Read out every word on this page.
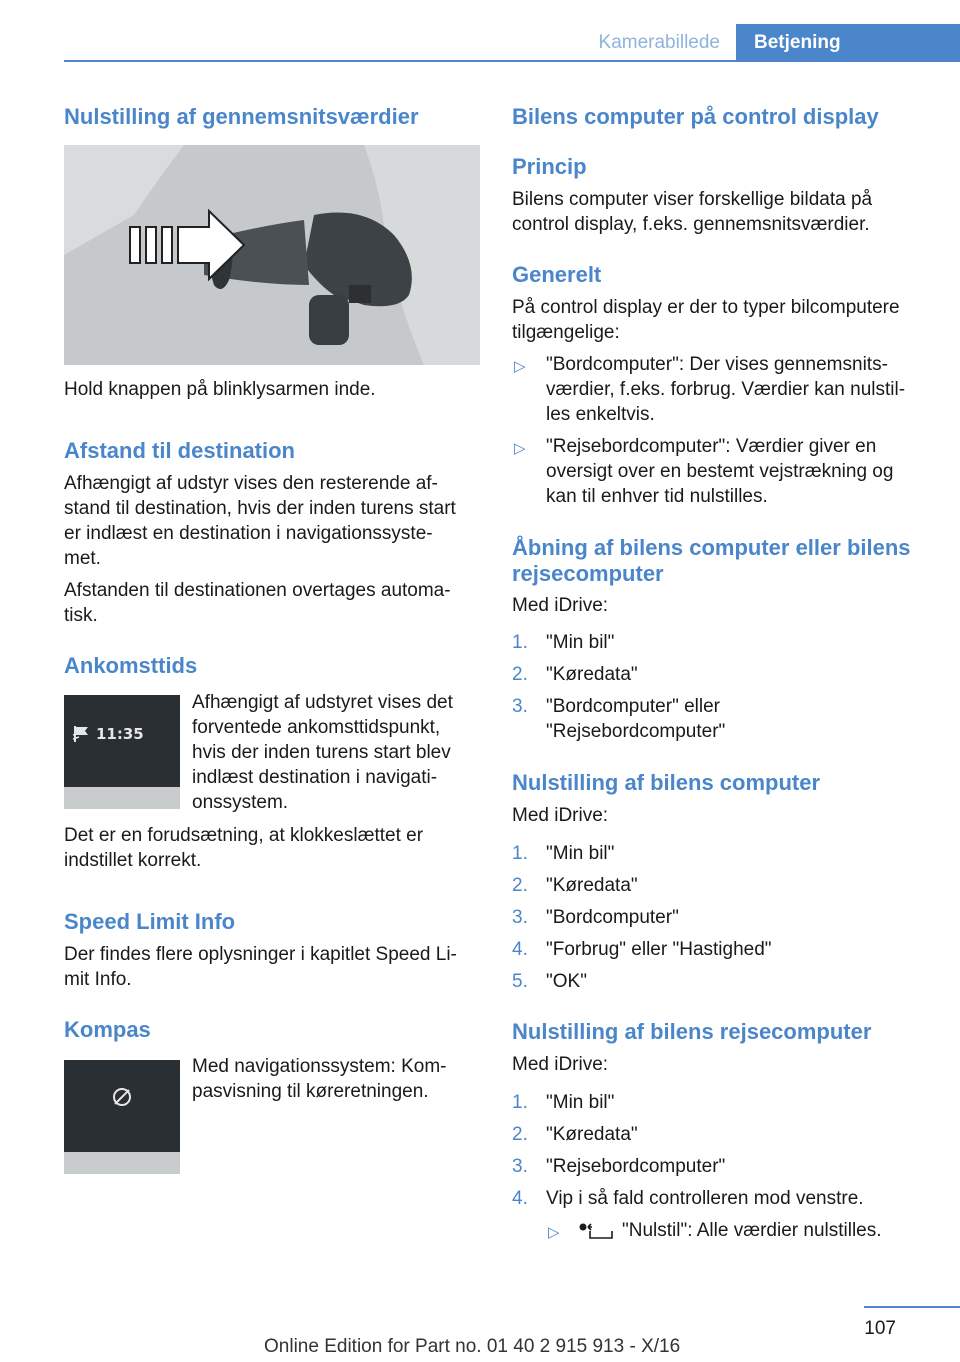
Kamerabillede	Betjening
Nulstilling af gennemsnitsværdier

Hold knappen på blinklysarmen inde.

Afstand til destination
Afhængigt af udstyr vises den resterende af-
stand til destination, hvis der inden turens start
er indlæst en destination i navigationssyste-
met.
Afstanden til destinationen overtages automa-
tisk.
Ankomsttids
11:35
Afhængigt af udstyret vises det
forventede ankomsttidspunkt,
hvis der inden turens start blev
indlæst destination i navigati-
onssystem.
Det er en forudsætning, at klokkeslættet er
indstillet korrekt.
Speed Limit Info
Der findes flere oplysninger i kapitlet Speed Li-
mit Info.
Kompas
Med navigationssystem: Kom-
pasvisning til køreretningen.
Bilens computer på control display
Princip
Bilens computer viser forskellige bildata på
control display, f.eks. gennemsnitsværdier.
Generelt
På control display er der to typer bilcomputere
tilgængelige:
▷ "Bordcomputer": Der vises gennemsnits-
værdier, f.eks. forbrug. Værdier kan nulstil-
les enkeltvis.
▷ "Rejsebordcomputer": Værdier giver en
oversigt over en bestemt vejstrækning og
kan til enhver tid nulstilles.
Åbning af bilens computer eller bilens
rejsecomputer

Med iDrive:

1. "Min bil"
2. "Køredata"
3. "Bordcomputer" eller
"Rejsebordcomputer"
Nulstilling af bilens computer

Med iDrive:

1. "Min bil"
2. "Køredata"
3. "Bordcomputer"
4. "Forbrug" eller "Hastighed"
5. "OK"
Nulstilling af bilens rejsecomputer

Med iDrive:

1. "Min bil"
2. "Køredata"
3. "Rejsebordcomputer"
4. Vip i så fald controlleren mod venstre.
▷	"Nulstil": Alle værdier nulstilles.
107
Online Edition for Part no. 01 40 2 915 913 - X/16
